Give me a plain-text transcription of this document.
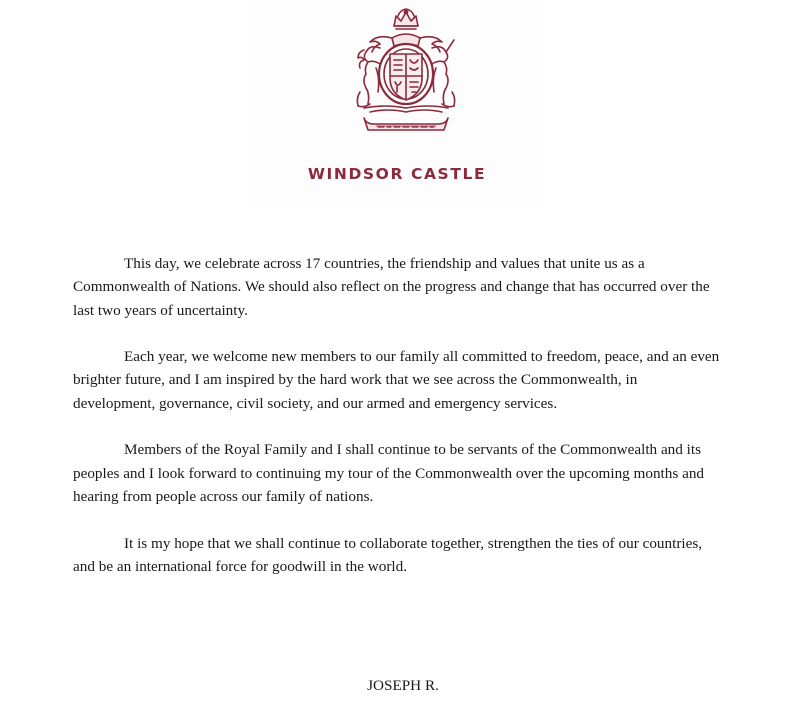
WINDSOR CASTLE

This day, we celebrate across 17 countries, the friendship and values that unite us as a Commonwealth of Nations. We should also reflect on the progress and change that has occurred over the last two years of uncertainty.

Each year, we welcome new members to our family all committed to freedom, peace, and an even brighter future, and I am inspired by the hard work that we see across the Commonwealth, in development, governance, civil society, and our armed and emergency services.

Members of the Royal Family and I shall continue to be servants of the Commonwealth and its peoples and I look forward to continuing my tour of the Commonwealth over the upcoming months and hearing from people across our family of nations.

It is my hope that we shall continue to collaborate together, strengthen the ties of our countries, and be an international force for goodwill in the world.

JOSEPH R.
